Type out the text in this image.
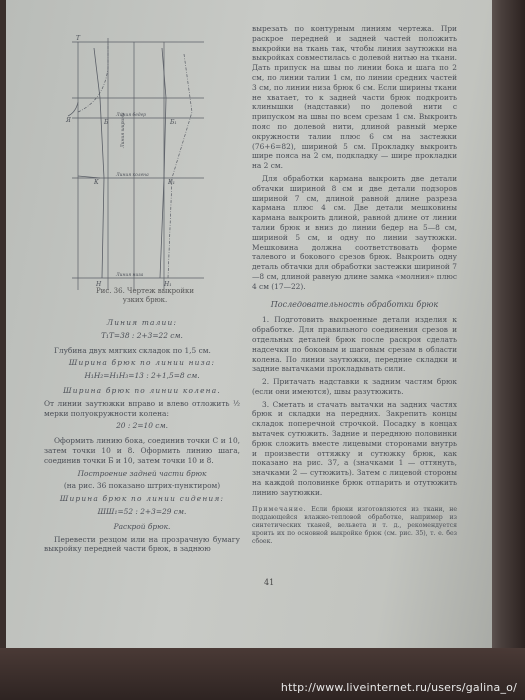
Т
Я	Б	Б₁
К	К₁
Н	Н₁
Линия бедер
Линия колена
Линия низа
Линия ширины
Рис. 36. Чертеж выкройки
узких брюк.
Линия талии:
Т₁Т=38 : 2+3=22 см.

Глубина двух мягких складок по 1,5 см.

Ширина брюк по линии низа:
Н₁Н₂=Н₁Н₃=13 : 2+1,5=8 см.
Ширина брюк по линии колена.

От линии заутюжки вправо и влево отложить ½ мерки полуокружности колена:

20 : 2=10 см.

Оформить линию бока, соединив точки С и 10, затем точки 10 и 8. Оформить линию шага, соединив точки Б и 10, затем точки 10 и 8.

Построение задней части брюк
(на рис. 36 показано штрих-пунктиром)
Ширина брюк по линии сидения:
ШШ₁=52 : 2+3=29 см.
Раскрой брюк.

Перевести резцом или на прозрачную бумагу выкройку передней части брюк, в заднюю

вырезать по контурным линиям чертежа. При раскрое передней и задней частей положить выкройки на ткань так, чтобы линия заутюжки на выкройках совместилась с долевой нитью на ткани. Дать припуск на швы по линии бока и шага по 2 см, по линии талии 1 см, по линии средних частей 3 см, по линии низа брюк 6 см. Если ширины ткани не хватает, то к задней части брюк подкроить клинышки (надставки) по долевой нити с припуском на швы по всем срезам 1 см. Выкроить пояс по долевой нити, длиной равный мерке окружности талии плюс 6 см на застежки (76+6=82), шириной 5 см. Прокладку выкроить шире пояса на 2 см, подкладку — шире прокладки на 2 см.

Для обработки кармана выкроить две детали обтачки шириной 8 см и две детали подзоров шириной 7 см, длиной равной длине разреза кармана плюс 4 см. Две детали мешковины кармана выкроить длиной, равной длине от линии талии брюк и вниз до линии бедер на 5—8 см, шириной 5 см, и одну по линии заутюжки. Мешковина должна соответствовать форме талевого и бокового срезов брюк. Выкроить одну деталь обтачки для обработки застежки шириной 7—8 см, длиной равную длине замка «молния» плюс 4 см (17—22).

Последовательность обработки брюк

1. Подготовить выкроенные детали изделия к обработке. Для правильного соединения срезов и отдельных деталей брюк после раскроя сделать надсечки по боковым и шаговым срезам в области колена. По линии заутюжки, передние складки и задние вытачками прокладывать сили.

2. Притачать надставки к задним частям брюк (если они имеются), швы разутюжить.

3. Сметать и стачать вытачки на задних частях брюк и складки на передних. Закрепить концы складок поперечной строчкой. Посадку в концах вытачек сутюжить. Задние и переднюю половинки брюк сложить вместе лицевыми сторонами внутрь и произвести оттяжку и сутюжку брюк, как показано на рис. 37, а (значками 1 — оттянуть, значками 2 — сутюжить). Затем с лицевой стороны на каждой половинке брюк отпарить и отутюжить линию заутюжки.

Примечание. Если брюки изготовляются из ткани, не поддающейся влажно-тепловой обработке, например из синтетических тканей, вельвета и т. д., рекомендуется кроить их по основной выкройке брюк (см. рис. 35), т. е. без сбоек.

41
http://www.liveinternet.ru/users/galina_o/
